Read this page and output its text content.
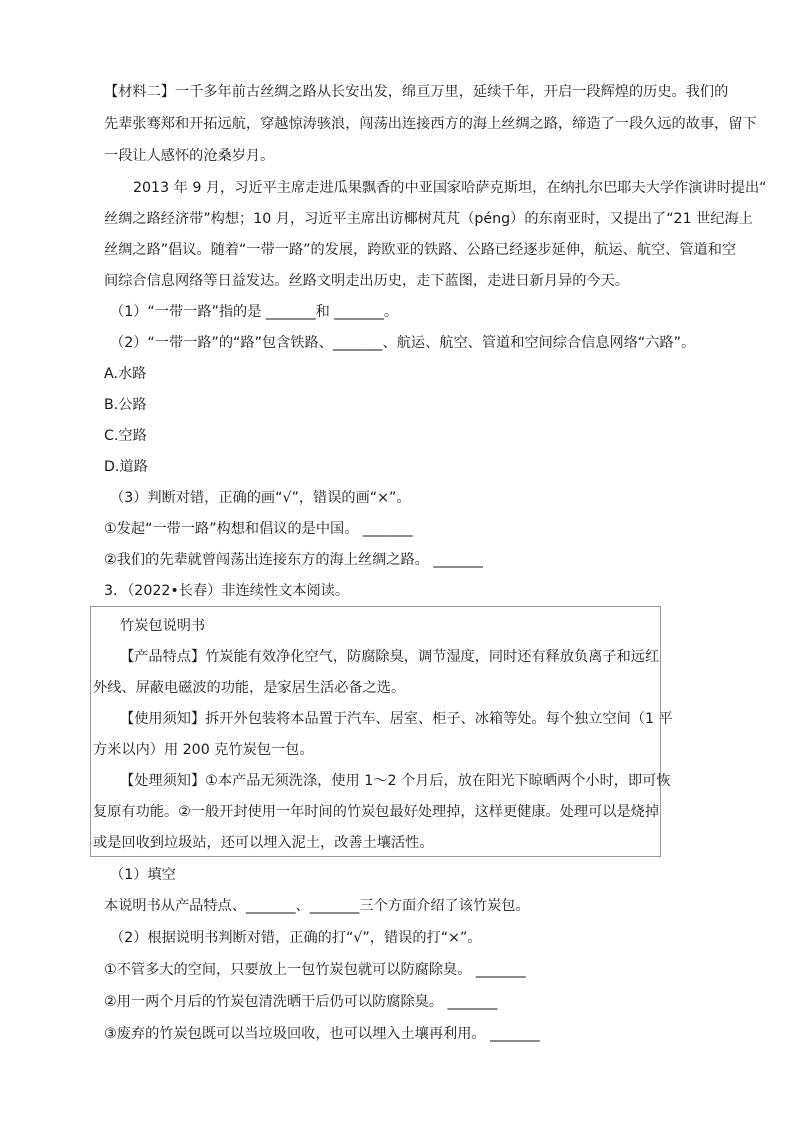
【材料二】一千多年前古丝绸之路从长安出发，绵亘万里，延续千年，开启一段辉煌的历史。我们的
先辈张骞郑和开拓远航，穿越惊涛骇浪，闯荡出连接西方的海上丝绸之路，缔造了一段久远的故事，留下
一段让人感怀的沧桑岁月。
2013 年 9 月，习近平主席走进瓜果飘香的中亚国家哈萨克斯坦，在纳扎尔巴耶夫大学作演讲时提出“
丝绸之路经济带”构想；10 月，习近平主席出访椰树芃芃（péng）的东南亚时，又提出了“21 世纪海上
丝绸之路”倡议。随着“一带一路”的发展，跨欧亚的铁路、公路已经逐步延伸，航运、航空、管道和空
间综合信息网络等日益发达。丝路文明走出历史，走下蓝图，走进日新月异的今天。
（1）“一带一路”指的是 _______和 _______。
（2）“一带一路”的“路”包含铁路、_______、航运、航空、管道和空间综合信息网络“六路”。
A.水路
B.公路
C.空路
D.道路
（3）判断对错，正确的画“√”，错误的画“×”。
①发起“一带一路”构想和倡议的是中国。 _______
②我们的先辈就曾闯荡出连接东方的海上丝绸之路。 _______
3．（2022•长春）非连续性文本阅读。
竹炭包说明书
【产品特点】竹炭能有效净化空气，防腐除臭，调节湿度，同时还有释放负离子和远红
外线、屏蔽电磁波的功能，是家居生活必备之选。
【使用须知】拆开外包装将本品置于汽车、居室、柜子、冰箱等处。每个独立空间（1 平
方米以内）用 200 克竹炭包一包。
【处理须知】①本产品无须洗涤，使用 1～2 个月后，放在阳光下晾晒两个小时，即可恢
复原有功能。②一般开封使用一年时间的竹炭包最好处理掉，这样更健康。处理可以是烧掉
或是回收到垃圾站，还可以埋入泥土，改善土壤活性。
（1）填空
本说明书从产品特点、_______、_______三个方面介绍了该竹炭包。
（2）根据说明书判断对错，正确的打“√”，错误的打“×”。
①不管多大的空间，只要放上一包竹炭包就可以防腐除臭。 _______
②用一两个月后的竹炭包清洗晒干后仍可以防腐除臭。 _______
③废弃的竹炭包既可以当垃圾回收，也可以埋入土壤再利用。 _______
